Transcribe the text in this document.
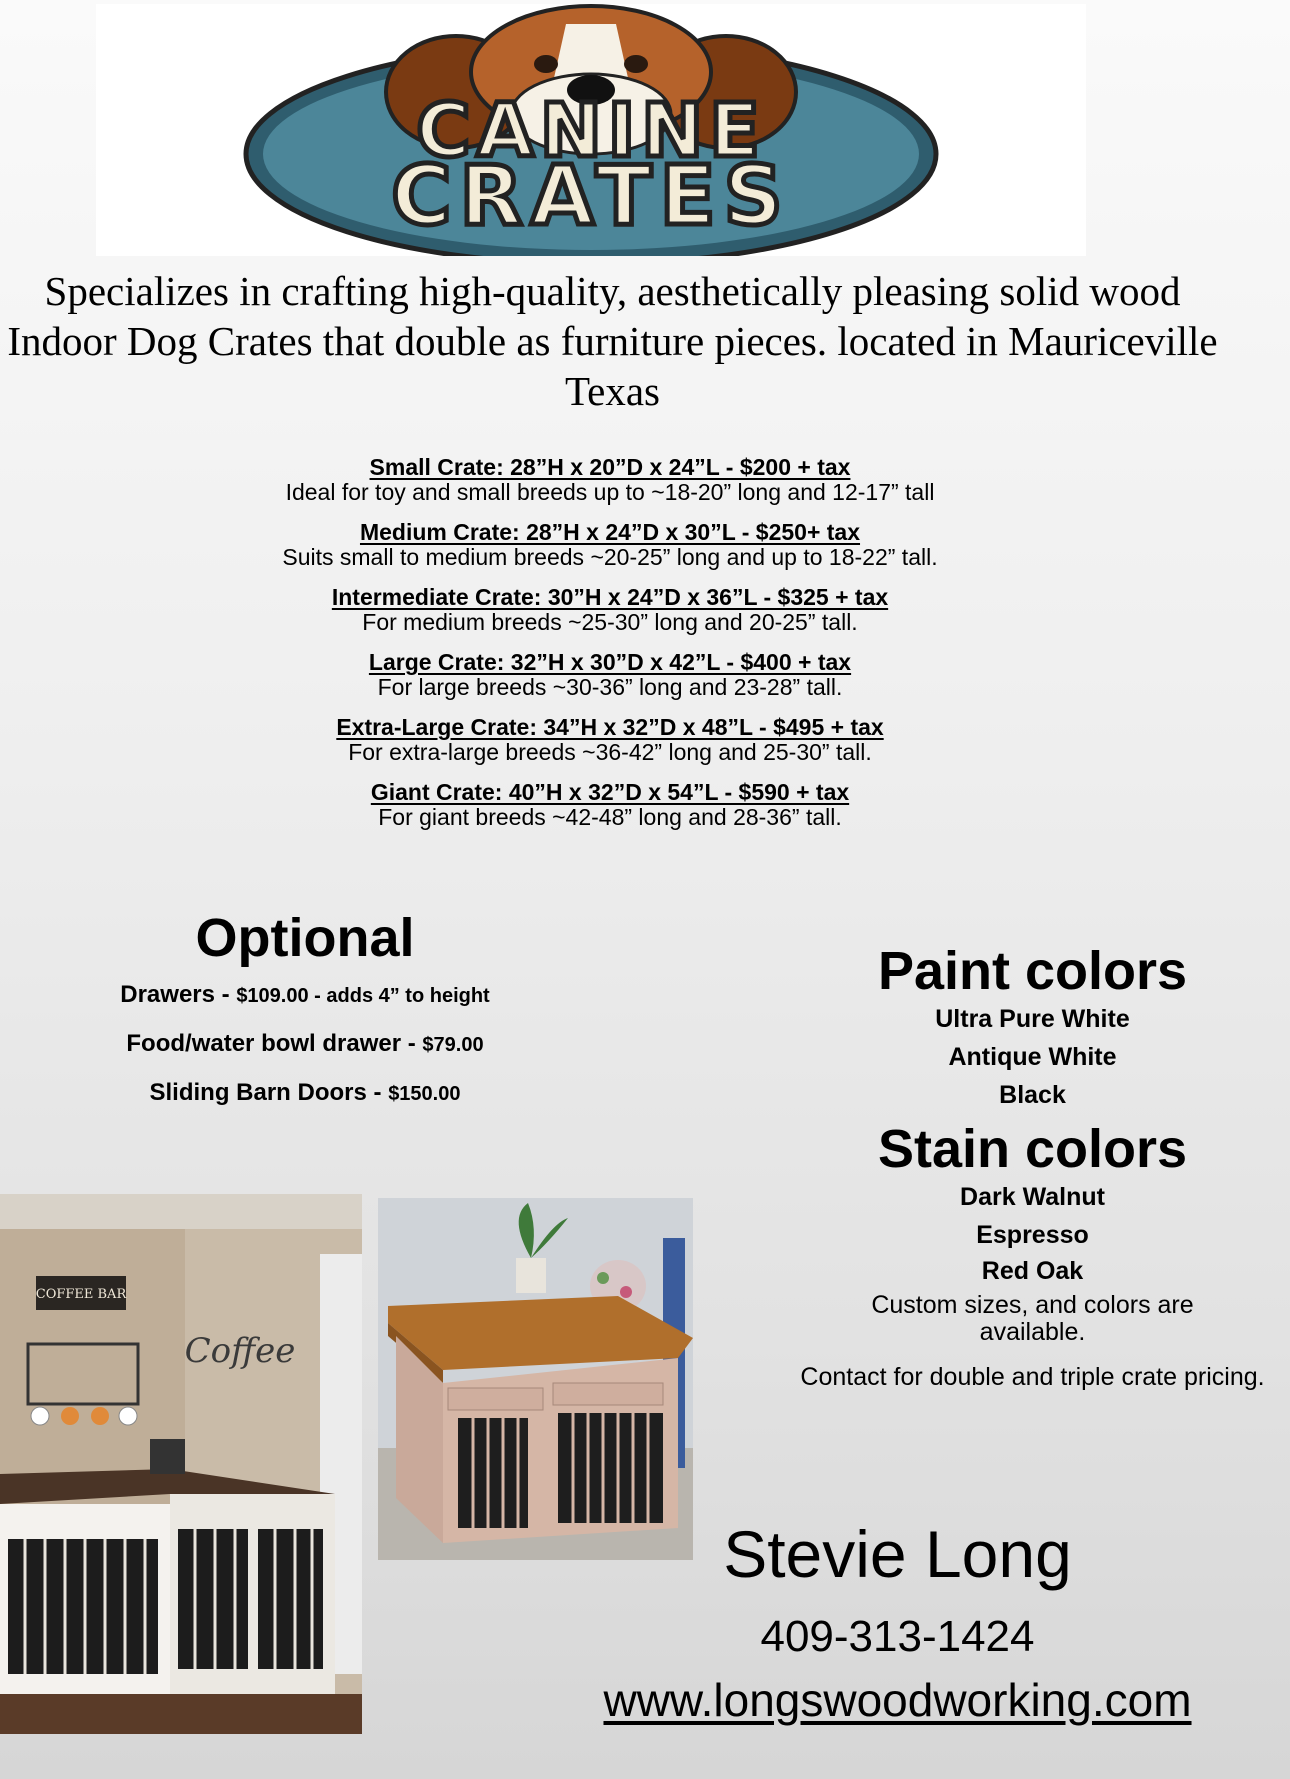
CANINE
CRATES
Specializes in crafting high-quality, aesthetically pleasing solid wood Indoor Dog Crates that double as furniture pieces. located in Mauriceville Texas
Small Crate: 28”H x 20”D x 24”L - $200 + tax
Ideal for toy and small breeds up to ~18-20” long and 12-17” tall
Medium Crate: 28”H x 24”D x 30”L - $250+ tax
Suits small to medium breeds ~20-25” long and up to 18-22” tall.
Intermediate Crate: 30”H x 24”D x 36”L - $325 + tax
For medium breeds ~25-30” long and 20-25” tall.
Large Crate: 32”H x 30”D x 42”L - $400 + tax
For large breeds ~30-36” long and 23-28” tall.
Extra-Large Crate: 34”H x 32”D x 48”L - $495 + tax
For extra-large breeds ~36-42” long and 25-30” tall.
Giant Crate: 40”H x 32”D x 54”L - $590 + tax
For giant breeds ~42-48” long and 28-36” tall.
Optional
Drawers - $109.00 - adds 4” to height
Food/water bowl drawer - $79.00
Sliding Barn Doors - $150.00
Paint colors
Ultra Pure White
Antique White
Black
Stain colors
Dark Walnut
Espresso
Red Oak
Custom sizes, and colors are available.
Contact for double and triple crate pricing.
COFFEE BAR
Coffee
Stevie Long
409-313-1424
www.longswoodworking.com
